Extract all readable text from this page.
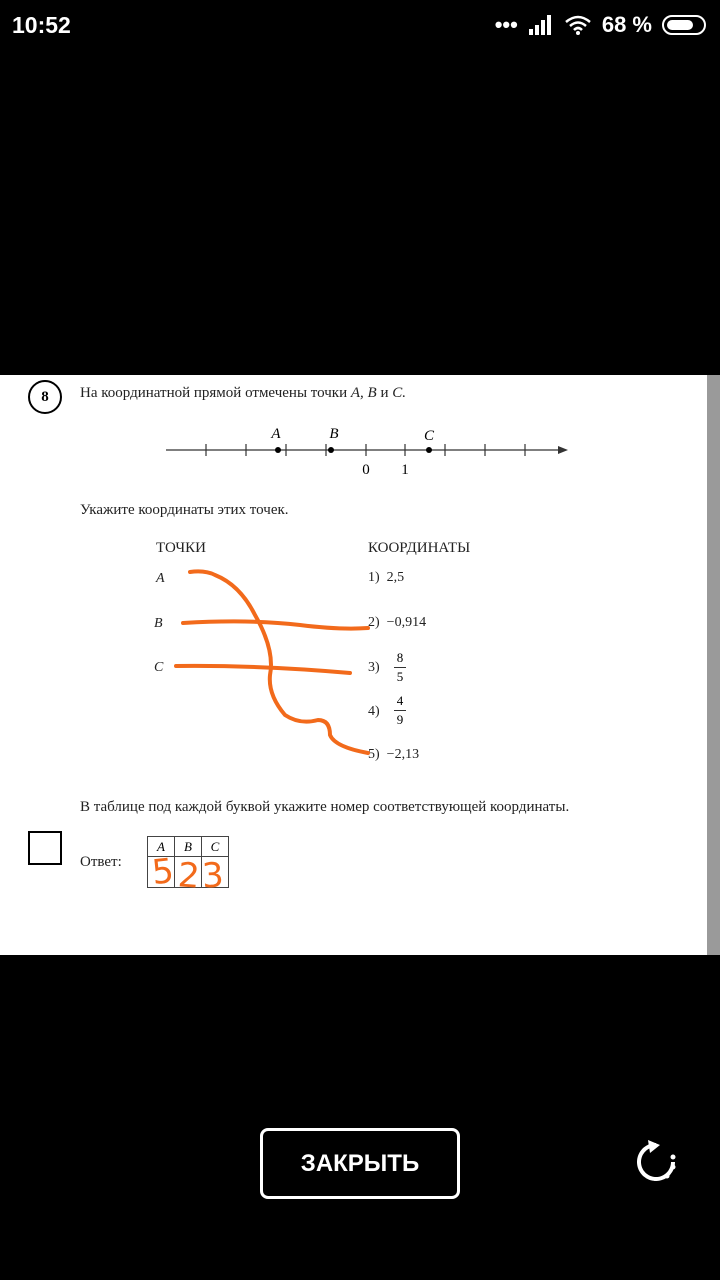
10:52	•••	68 %
8	На координатной прямой отмечены точки A, B и C.
A	B	C
0 1
Укажите координаты этих точек.
ТОЧКИ	КООРДИНАТЫ
A
B
C
1) 2,5
2) −0,914
3)
8
5
4)
4
9
5) −2,13
В таблице под каждой буквой укажите номер соответствующей координаты.
Ответ:
A	B	C
5 2 3
ЗАКРЫТЬ
